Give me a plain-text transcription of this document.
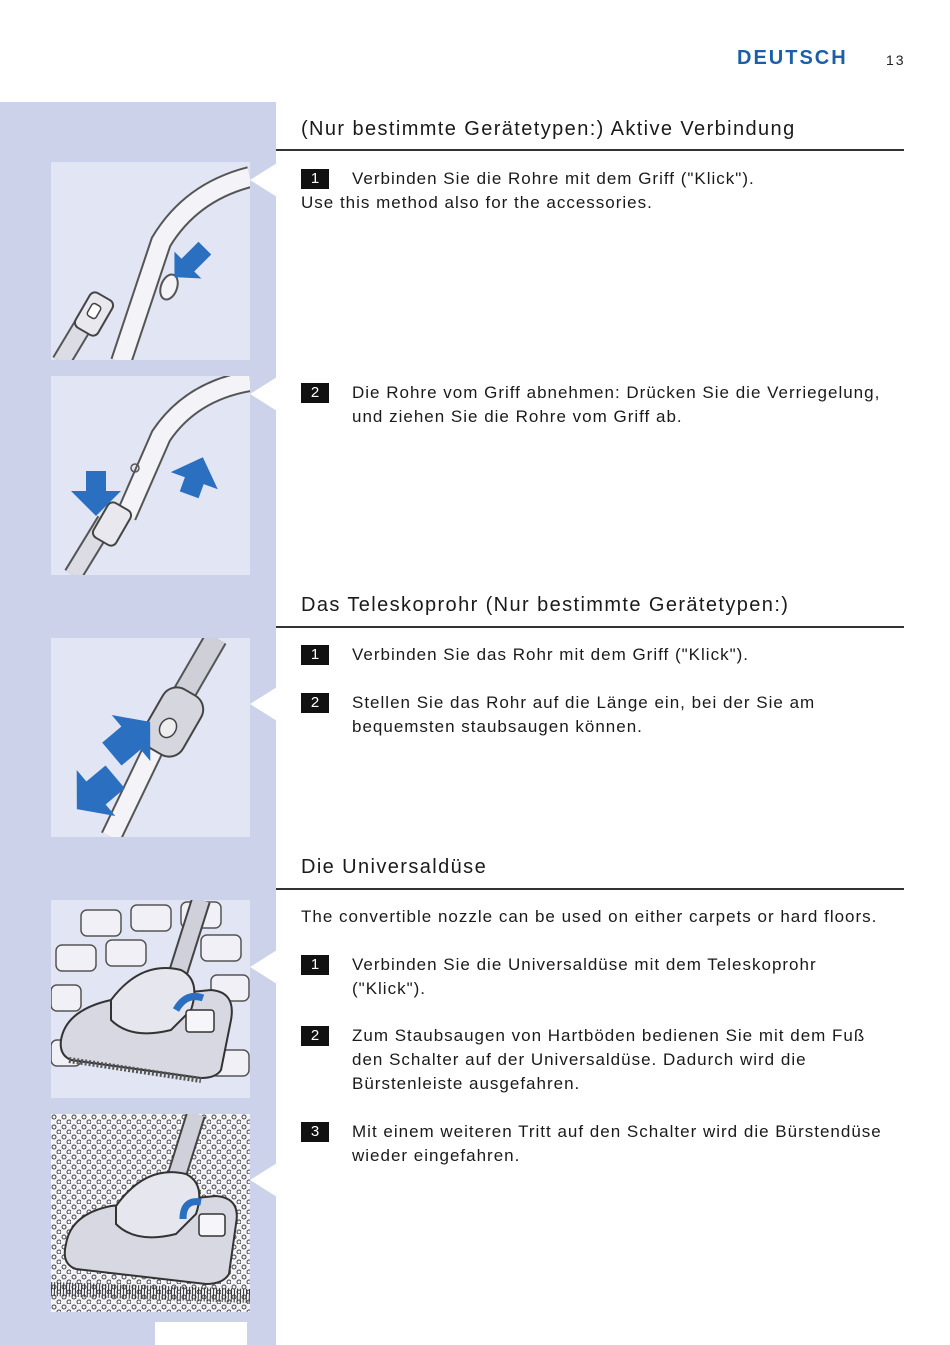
DEUTSCH	13
(Nur bestimmte Gerätetypen:) Aktive Verbindung
1	Verbinden Sie die Rohre mit dem Griff ("Klick").
Use this method also for the accessories.
2	Die Rohre vom Griff abnehmen: Drücken Sie die Verriegelung,
und ziehen Sie die Rohre vom Griff ab.
Das Teleskoprohr (Nur bestimmte Gerätetypen:)
1	Verbinden Sie das Rohr mit dem Griff ("Klick").
2	Stellen Sie das Rohr auf die Länge ein, bei der Sie am
bequemsten staubsaugen können.
Die Universaldüse
The convertible nozzle can be used on either carpets or hard floors.
1	Verbinden Sie die Universaldüse mit dem Teleskoprohr
("Klick").
2	Zum Staubsaugen von Hartböden bedienen Sie mit dem Fuß
den Schalter auf der Universaldüse. Dadurch wird die
Bürstenleiste ausgefahren.
3	Mit einem weiteren Tritt auf den Schalter wird die Bürstendüse
wieder eingefahren.
